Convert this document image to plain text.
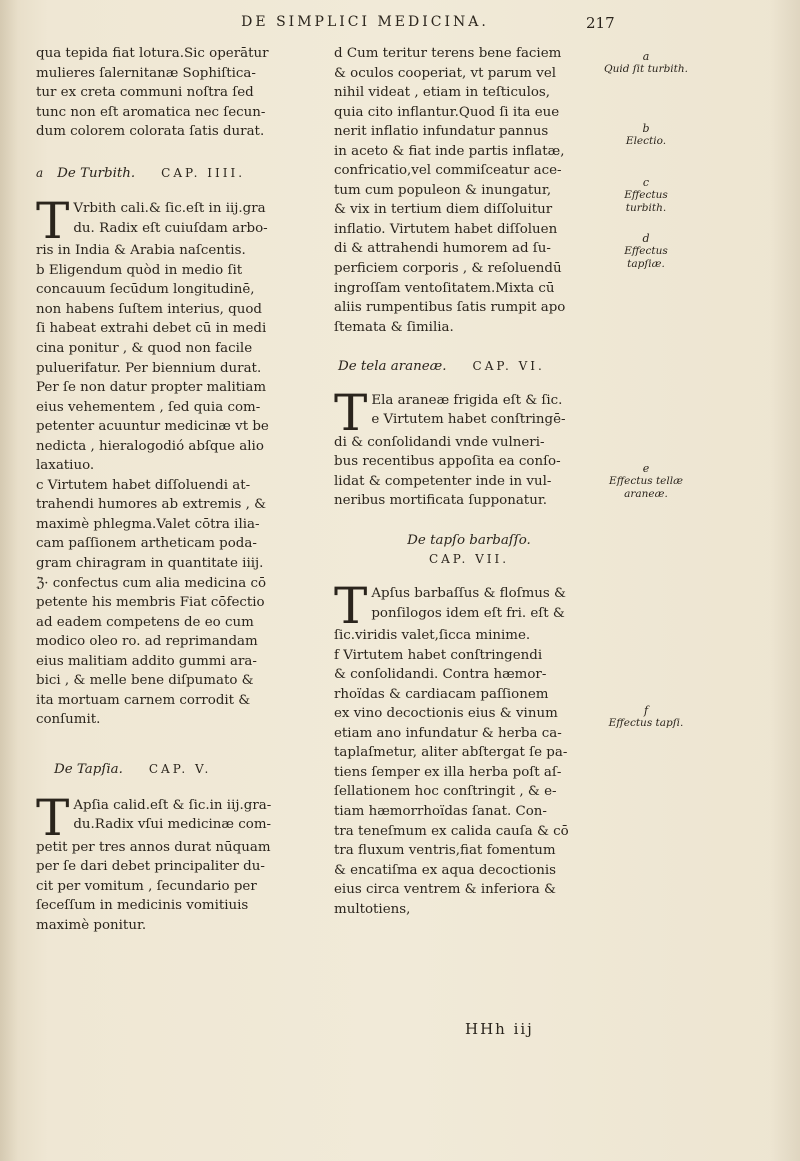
DE SIMPLICI MEDICINA.	217

qua tepida fiat lotura.Sic operātur

mulieres ſalernitanæ Sophiſtica-

tur ex creta communi noſtra ſed

tunc non eſt aromatica nec ſecun-

dum colorem colorata ſatis durat.

a De Turbith. CAP. IIII.
T Vrbith cali.& ſic.eſt in iij.gra

du. Radix eſt cuiuſdam arbo-

ris in India & Arabia naſcentis.

b Eligendum quòd in medio ſit

concauum ſecūdum longitudinē,

non habens ſuſtem interius, quod

ſi habeat extrahi debet cū in medi

cina ponitur , & quod non facile

puluerifatur. Per biennium durat.

Per ſe non datur propter malitiam

eius vehementem , ſed quia com-

petenter acuuntur medicinæ vt be

nedicta , hieralogodió abſque alio

laxatiuo.

c Virtutem habet diſſoluendi at-

trahendi humores ab extremis , &

maximè phlegma.Valet cōtra ilia-

cam paſſionem artheticam poda-

gram chiragram in quantitate iiij.

ℨ· confectus cum alia medicina cō

petente his membris Fiat cōfectio

ad eadem competens de eo cum

modico oleo ro. ad reprimandam

eius malitiam addito gummi ara-

bici , & melle bene diſpumato &

ita mortuam carnem corrodit &

conſumit.

De Tapſia. CAP. V.
T Apſia calid.eſt & ſic.in iij.gra-

du.Radix vſui medicinæ com-

petit per tres annos durat nūquam

per ſe dari debet principaliter du-

cit per vomitum , ſecundario per

ſeceſſum in medicinis vomitiuis

maximè ponitur.

d Cum teritur terens bene faciem

& oculos cooperiat, vt parum vel

nihil videat , etiam in teſticulos,

quia cito inflantur.Quod ſi ita eue

nerit inflatio infundatur pannus

in aceto & fiat inde partis inflatæ,

confricatio,vel commiſceatur ace-

tum cum populeon & inungatur,

& vix in tertium diem diſſoluitur

inflatio. Virtutem habet diſſoluen

di & attrahendi humorem ad ſu-

perficiem corporis , & reſoluendū

ingroſſam ventoſitatem.Mixta cū

aliis rumpentibus ſatis rumpit apo

ſtemata & ſimilia.

De tela araneæ. CAP. VI.
T Ela araneæ frigida eſt & ſic.

e Virtutem habet conſtringē-

di & conſolidandi vnde vulneri-

bus recentibus appoſita ea conſo-

lidat & competenter inde in vul-

neribus mortificata ſupponatur.

De tapſo barbaſſo.
CAP. VII.
T Apſus barbaſſus & floſmus &

ponſilogos idem eſt fri. eſt &

ſic.viridis valet,ſicca minime.

f Virtutem habet conſtringendi

& conſolidandi. Contra hæmor-

rhoïdas & cardiacam paſſionem

ex vino decoctionis eius & vinum

etiam ano infundatur & herba ca-

taplaſmetur, aliter abſtergat ſe pa-

tiens ſemper ex illa herba poſt aſ-

ſellationem hoc conſtringit , & e-

tiam hæmorrhoïdas ſanat. Con-

tra teneſmum ex calida cauſa & cō

tra fluxum ventris,fiat fomentum

& encatiſma ex aqua decoctionis

eius circa ventrem & inferiora &

multotiens,

a
Quid ſit turbith.
b
Electio.
c
Effectus turbith.
d
Effectus tapſiæ.
e
Effectus tellæ araneæ.
f
Effectus tapſi.
HHh iij
